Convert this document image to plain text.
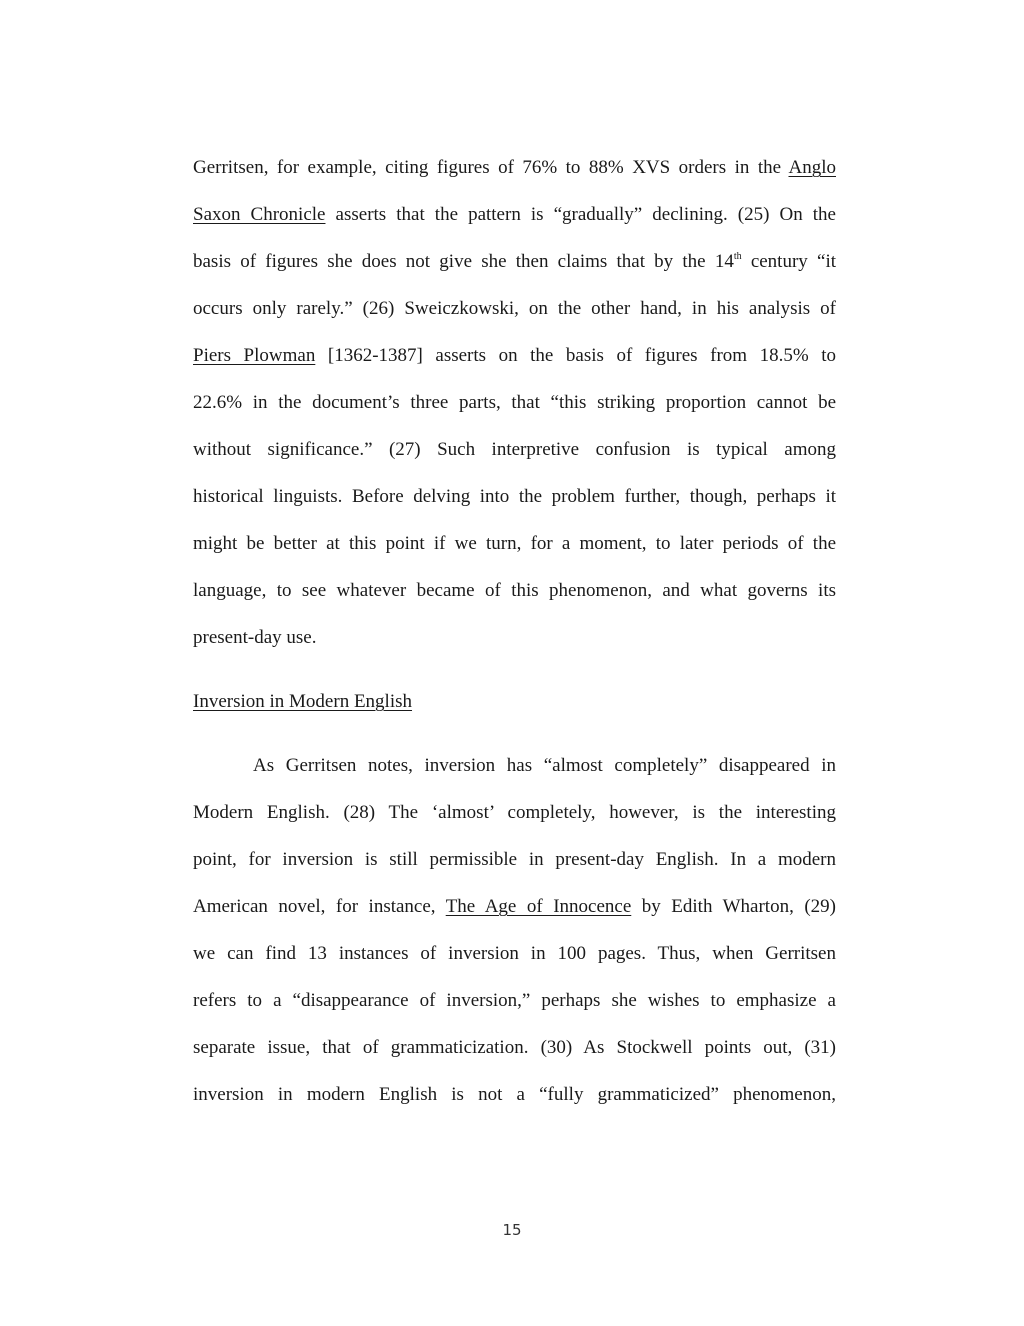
Gerritsen, for example, citing figures of 76% to 88% XVS orders in the Anglo
Saxon Chronicle asserts that the pattern is “gradually” declining. (25) On the
basis of figures she does not give she then claims that by the 14th century “it
occurs only rarely.” (26) Sweiczkowski, on the other hand, in his analysis of
Piers Plowman [1362-1387] asserts on the basis of figures from 18.5% to
22.6% in the document’s three parts, that “this striking proportion cannot be
without significance.” (27) Such interpretive confusion is typical among
historical linguists. Before delving into the problem further, though, perhaps it
might be better at this point if we turn, for a moment, to later periods of the
language, to see whatever became of this phenomenon, and what governs its
present-day use.
Inversion in Modern English
As Gerritsen notes, inversion has “almost completely” disappeared in
Modern English. (28) The ‘almost’ completely, however, is the interesting
point, for inversion is still permissible in present-day English. In a modern
American novel, for instance, The Age of Innocence by Edith Wharton, (29)
we can find 13 instances of inversion in 100 pages. Thus, when Gerritsen
refers to a “disappearance of inversion,” perhaps she wishes to emphasize a
separate issue, that of grammaticization. (30) As Stockwell points out, (31)
inversion in modern English is not a “fully grammaticized” phenomenon,
15
